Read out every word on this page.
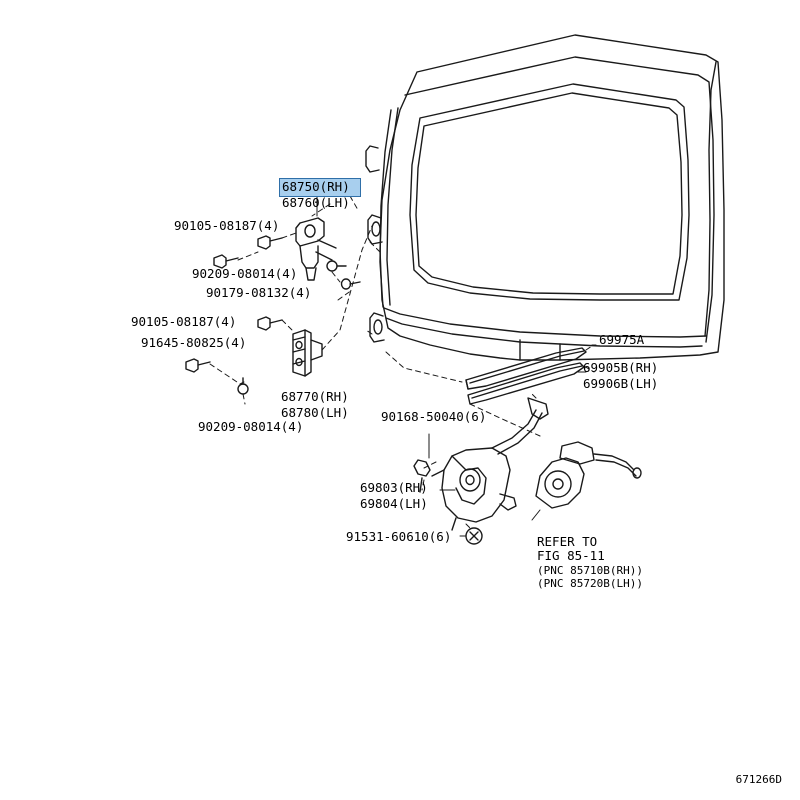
68750(RH)
68760(LH)
90105-08187(4)
90209-08014(4)
90179-08132(4)
90105-08187(4)
91645-80825(4)
90209-08014(4)
68770(RH)
68780(LH)
69975A
69905B(RH)
69906B(LH)
90168-50040(6)
69803(RH)
69804(LH)
91531-60610(6)	REFER TO
FIG 85-11
(PNC 85710B(RH))
(PNC 85720B(LH))
671266D
